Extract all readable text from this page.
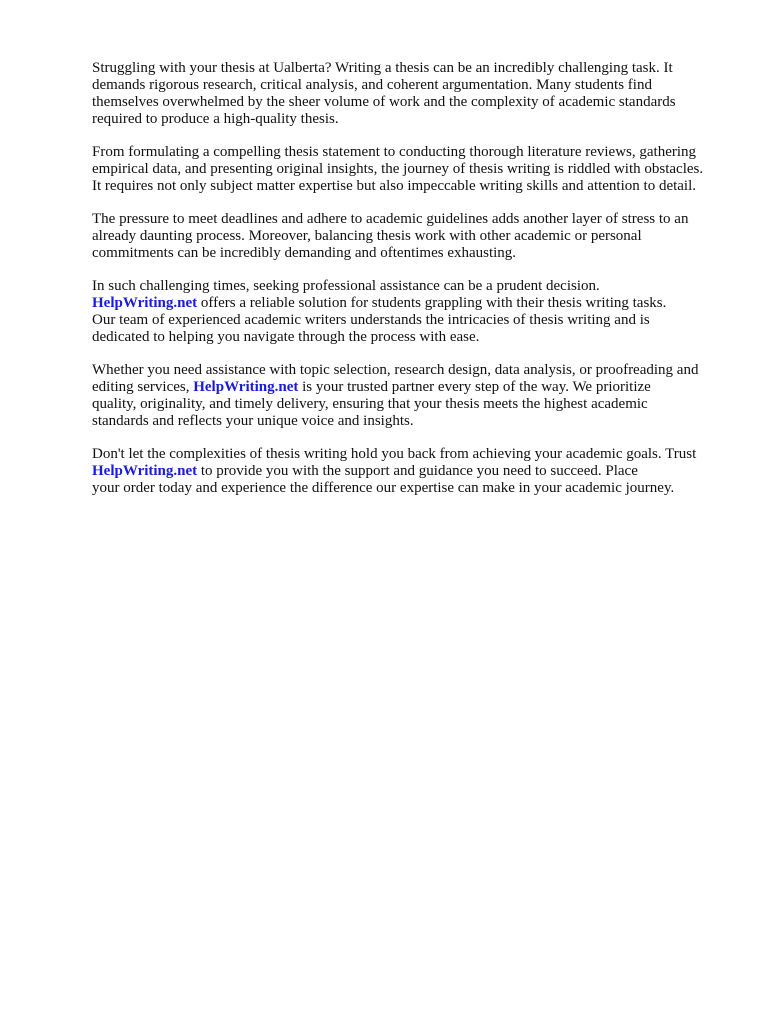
Struggling with your thesis at Ualberta? Writing a thesis can be an incredibly challenging task. It
demands rigorous research, critical analysis, and coherent argumentation. Many students find
themselves overwhelmed by the sheer volume of work and the complexity of academic standards
required to produce a high-quality thesis.

From formulating a compelling thesis statement to conducting thorough literature reviews, gathering
empirical data, and presenting original insights, the journey of thesis writing is riddled with obstacles.
It requires not only subject matter expertise but also impeccable writing skills and attention to detail.

The pressure to meet deadlines and adhere to academic guidelines adds another layer of stress to an
already daunting process. Moreover, balancing thesis work with other academic or personal
commitments can be incredibly demanding and oftentimes exhausting.

In such challenging times, seeking professional assistance can be a prudent decision.
HelpWriting.net offers a reliable solution for students grappling with their thesis writing tasks.
Our team of experienced academic writers understands the intricacies of thesis writing and is
dedicated to helping you navigate through the process with ease.

Whether you need assistance with topic selection, research design, data analysis, or proofreading and
editing services, HelpWriting.net is your trusted partner every step of the way. We prioritize
quality, originality, and timely delivery, ensuring that your thesis meets the highest academic
standards and reflects your unique voice and insights.

Don't let the complexities of thesis writing hold you back from achieving your academic goals. Trust
HelpWriting.net to provide you with the support and guidance you need to succeed. Place
your order today and experience the difference our expertise can make in your academic journey.
